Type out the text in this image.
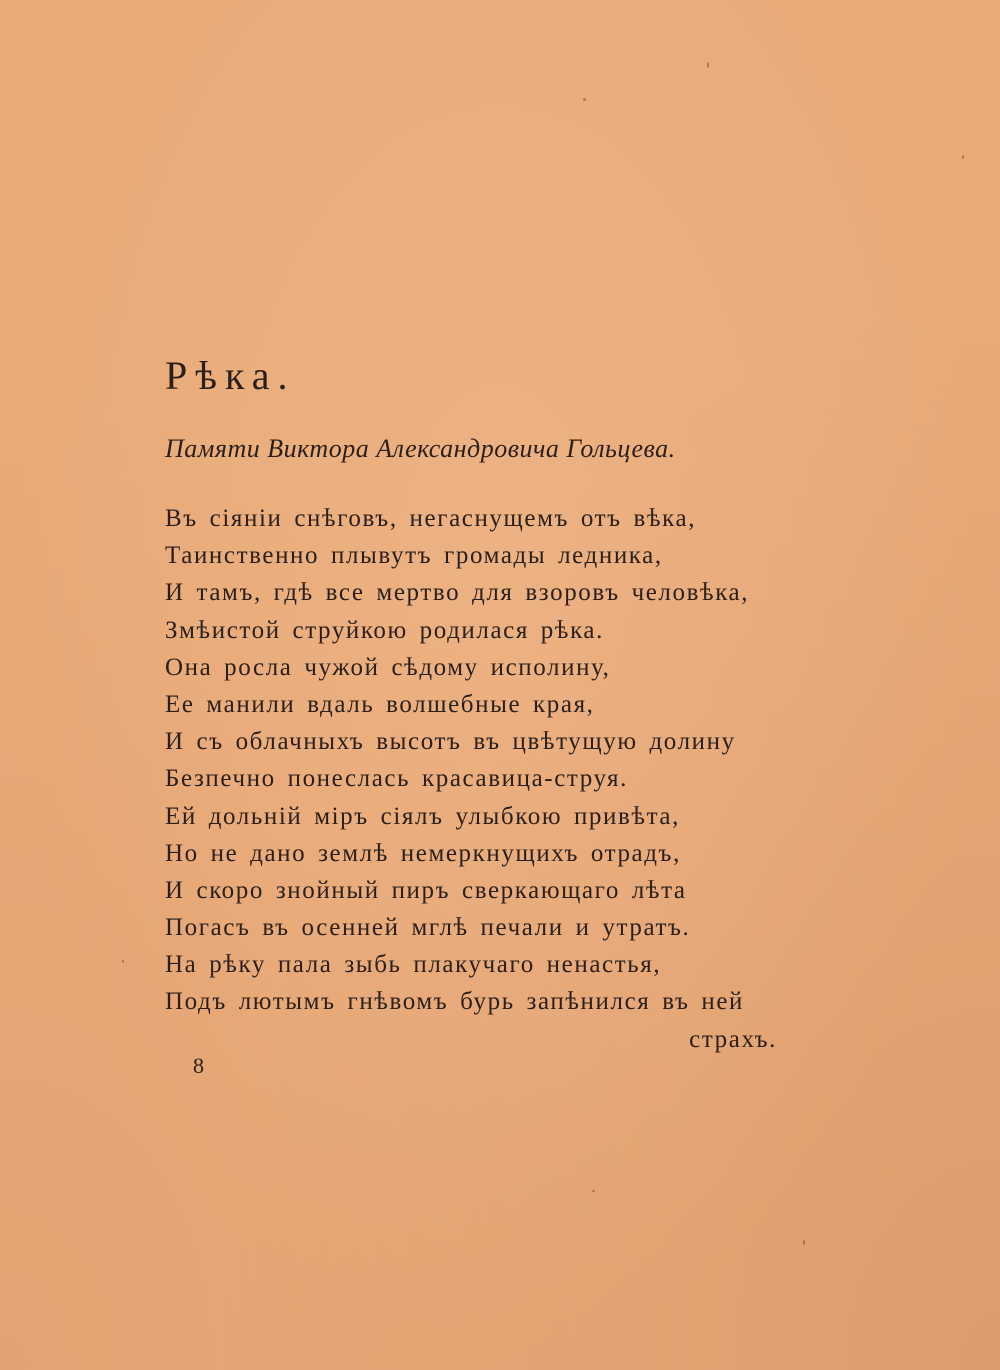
Рѣка.
Памяти Виктора Александровича Гольцева.
Въ сіяніи снѣговъ, негаснущемъ отъ вѣка,
Таинственно плывутъ громады ледника,
И тамъ, гдѣ все мертво для взоровъ человѣка,
Змѣистой струйкою родилася рѣка.
Она росла чужой сѣдому исполину,
Ее манили вдаль волшебные края,
И съ облачныхъ высотъ въ цвѣтущую долину
Безпечно понеслась красавица-струя.
Ей дольній міръ сіялъ улыбкою привѣта,
Но не дано землѣ немеркнущихъ отрадъ,
И скоро знойный пиръ сверкающаго лѣта
Погасъ въ осенней мглѣ печали и утратъ.
На рѣку пала зыбь плакучаго ненастья,
Подъ лютымъ гнѣвомъ бурь запѣнился въ ней
страхъ.
8
